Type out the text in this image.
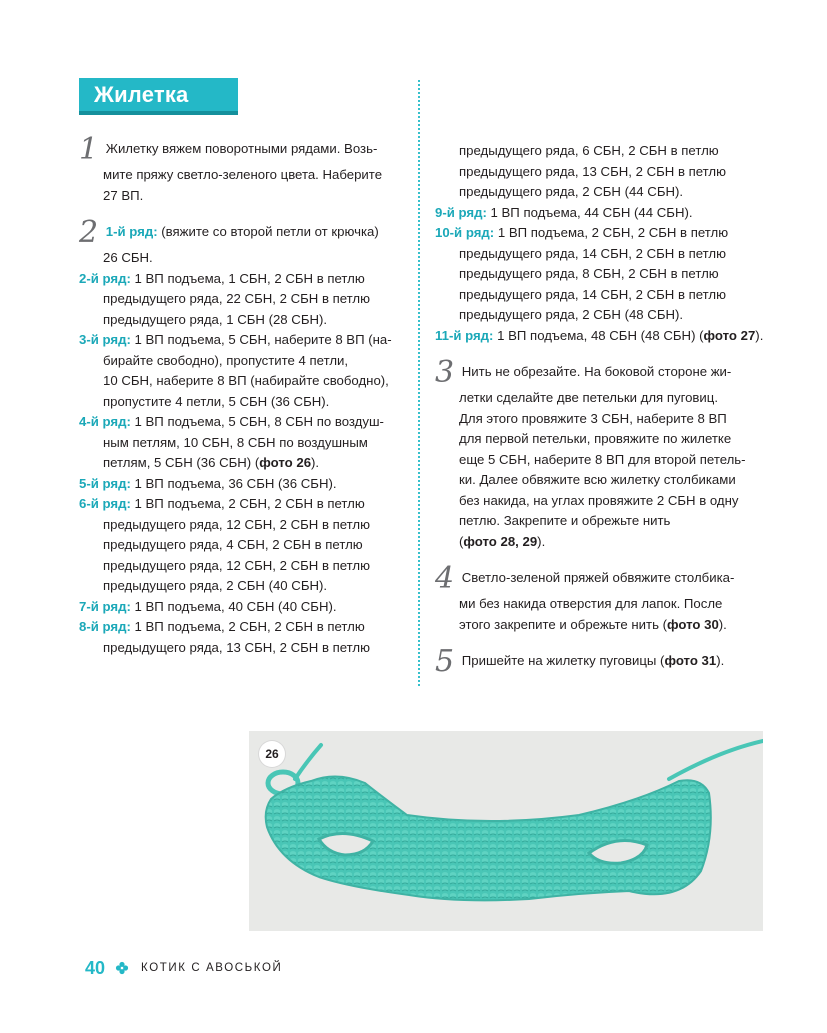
Жилетка

1 Жилетку вяжем поворотными рядами. Возь-

мите пряжу светло-зеленого цвета. Наберите

27 ВП.

2 1-й ряд: (вяжите со второй петли от крючка)

26 СБН.

2-й ряд: 1 ВП подъема, 1 СБН, 2 СБН в петлю

предыдущего ряда, 22 СБН, 2 СБН в петлю

предыдущего ряда, 1 СБН (28 СБН).

3-й ряд: 1 ВП подъема, 5 СБН, наберите 8 ВП (на-

бирайте свободно), пропустите 4 петли,

10 СБН, наберите 8 ВП (набирайте свободно),

пропустите 4 петли, 5 СБН (36 СБН).

4-й ряд: 1 ВП подъема, 5 СБН, 8 СБН по воздуш-

ным петлям, 10 СБН, 8 СБН по воздушным

петлям, 5 СБН (36 СБН) (фото 26).

5-й ряд: 1 ВП подъема, 36 СБН (36 СБН).

6-й ряд: 1 ВП подъема, 2 СБН, 2 СБН в петлю

предыдущего ряда, 12 СБН, 2 СБН в петлю

предыдущего ряда, 4 СБН, 2 СБН в петлю

предыдущего ряда, 12 СБН, 2 СБН в петлю

предыдущего ряда, 2 СБН (40 СБН).

7-й ряд: 1 ВП подъема, 40 СБН (40 СБН).

8-й ряд: 1 ВП подъема, 2 СБН, 2 СБН в петлю

предыдущего ряда, 13 СБН, 2 СБН в петлю

предыдущего ряда, 6 СБН, 2 СБН в петлю

предыдущего ряда, 13 СБН, 2 СБН в петлю

предыдущего ряда, 2 СБН (44 СБН).

9-й ряд: 1 ВП подъема, 44 СБН (44 СБН).

10-й ряд: 1 ВП подъема, 2 СБН, 2 СБН в петлю

предыдущего ряда, 14 СБН, 2 СБН в петлю

предыдущего ряда, 8 СБН, 2 СБН в петлю

предыдущего ряда, 14 СБН, 2 СБН в петлю

предыдущего ряда, 2 СБН (48 СБН).

11-й ряд: 1 ВП подъема, 48 СБН (48 СБН) (фото 27).

3 Нить не обрезайте. На боковой стороне жи-

летки сделайте две петельки для пуговиц.

Для этого провяжите 3 СБН, наберите 8 ВП

для первой петельки, провяжите по жилетке

еще 5 СБН, наберите 8 ВП для второй петель-

ки. Далее обвяжите всю жилетку столбиками

без накида, на углах провяжите 2 СБН в одну

петлю. Закрепите и обрежьте нить

(фото 28, 29).

4 Светло-зеленой пряжей обвяжите столбика-

ми без накида отверстия для лапок. После

этого закрепите и обрежьте нить (фото 30).

5 Пришейте на жилетку пуговицы (фото 31).

26
40	КОТИК С АВОСЬКОЙ
